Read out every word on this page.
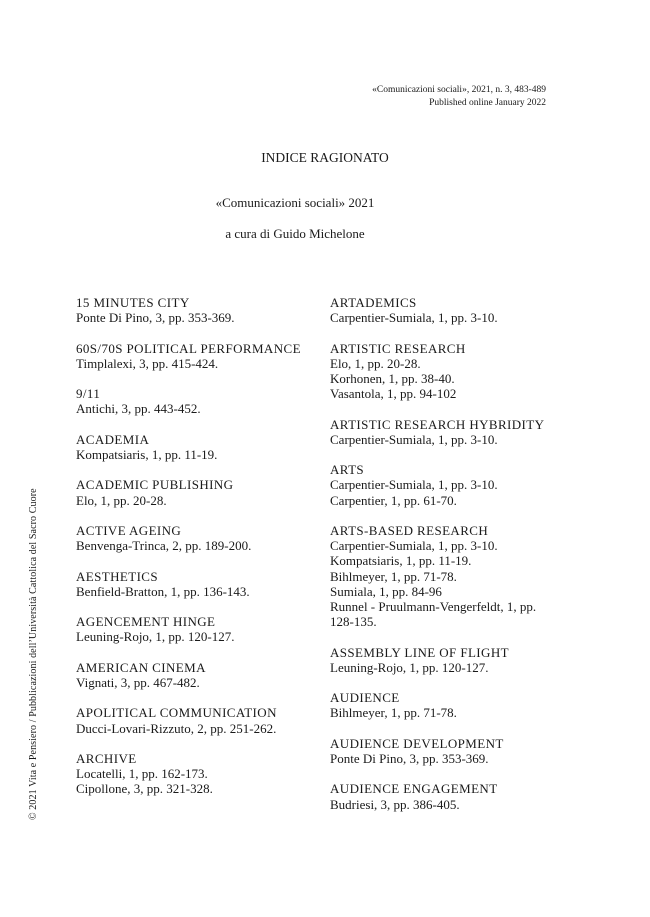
«Comunicazioni sociali», 2021, n. 3, 483-489
Published online January 2022
INDICE RAGIONATO
«Comunicazioni sociali» 2021
a cura di Guido Michelone
© 2021 Vita e Pensiero / Pubblicazioni dell’Università Cattolica del Sacro Cuore
15 MINUTES CITY
Ponte Di Pino, 3, pp. 353-369.
60S/70S POLITICAL PERFORMANCE
Timplalexi, 3, pp. 415-424.
9/11
Antichi, 3, pp. 443-452.
ACADEMIA
Kompatsiaris, 1, pp. 11-19.
ACADEMIC PUBLISHING
Elo, 1, pp. 20-28.
ACTIVE AGEING
Benvenga-Trinca, 2, pp. 189-200.
AESTHETICS
Benfield-Bratton, 1, pp. 136-143.
AGENCEMENT HINGE
Leuning-Rojo, 1, pp. 120-127.
AMERICAN CINEMA
Vignati, 3, pp. 467-482.
APOLITICAL COMMUNICATION
Ducci-Lovari-Rizzuto, 2, pp. 251-262.
ARCHIVE
Locatelli, 1, pp. 162-173.
Cipollone, 3, pp. 321-328.
ARTADEMICS
Carpentier-Sumiala, 1, pp. 3-10.
ARTISTIC RESEARCH
Elo, 1, pp. 20-28.
Korhonen, 1, pp. 38-40.
Vasantola, 1, pp. 94-102
ARTISTIC RESEARCH HYBRIDITY
Carpentier-Sumiala, 1, pp. 3-10.
ARTS
Carpentier-Sumiala, 1, pp. 3-10.
Carpentier, 1, pp. 61-70.
ARTS-BASED RESEARCH
Carpentier-Sumiala, 1, pp. 3-10.
Kompatsiaris, 1, pp. 11-19.
Bihlmeyer, 1, pp. 71-78.
Sumiala, 1, pp. 84-96
Runnel - Pruulmann-Vengerfeldt, 1, pp. 128-135.
ASSEMBLY LINE OF FLIGHT
Leuning-Rojo, 1, pp. 120-127.
AUDIENCE
Bihlmeyer, 1, pp. 71-78.
AUDIENCE DEVELOPMENT
Ponte Di Pino, 3, pp. 353-369.
AUDIENCE ENGAGEMENT
Budriesi, 3, pp. 386-405.
